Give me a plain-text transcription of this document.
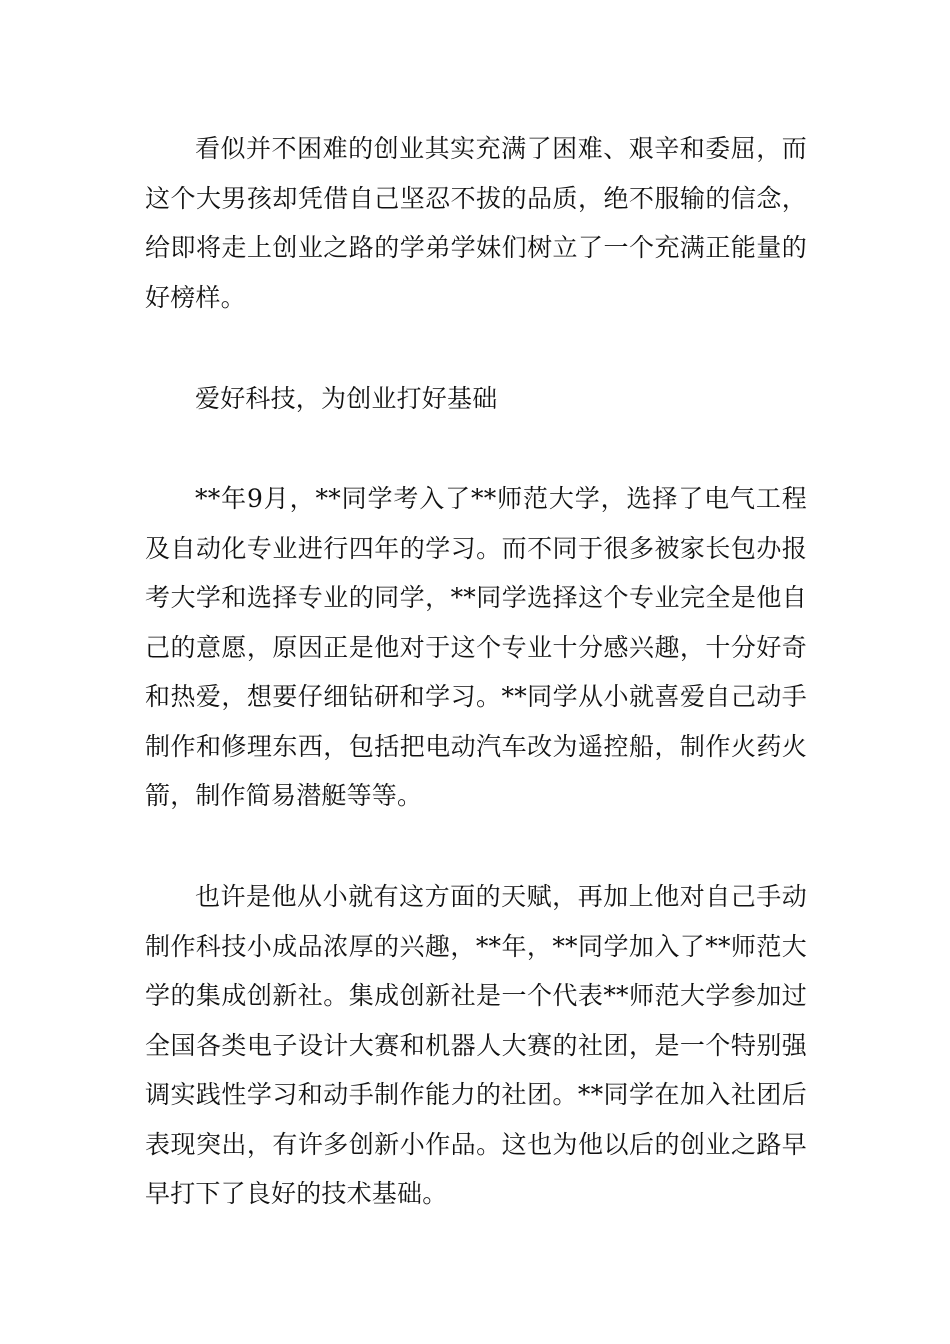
看似并不困难的创业其实充满了困难、艰辛和委屈，而这个大男孩却凭借自己坚忍不拔的品质，绝不服输的信念，给即将走上创业之路的学弟学妹们树立了一个充满正能量的好榜样。

爱好科技，为创业打好基础

**年9月，**同学考入了**师范大学，选择了电气工程及自动化专业进行四年的学习。而不同于很多被家长包办报考大学和选择专业的同学，**同学选择这个专业完全是他自己的意愿，原因正是他对于这个专业十分感兴趣，十分好奇和热爱，想要仔细钻研和学习。**同学从小就喜爱自己动手制作和修理东西，包括把电动汽车改为遥控船，制作火药火箭，制作简易潜艇等等。

也许是他从小就有这方面的天赋，再加上他对自己手动制作科技小成品浓厚的兴趣，**年，**同学加入了**师范大学的集成创新社。集成创新社是一个代表**师范大学参加过全国各类电子设计大赛和机器人大赛的社团，是一个特别强调实践性学习和动手制作能力的社团。**同学在加入社团后表现突出，有许多创新小作品。这也为他以后的创业之路早早打下了良好的技术基础。
